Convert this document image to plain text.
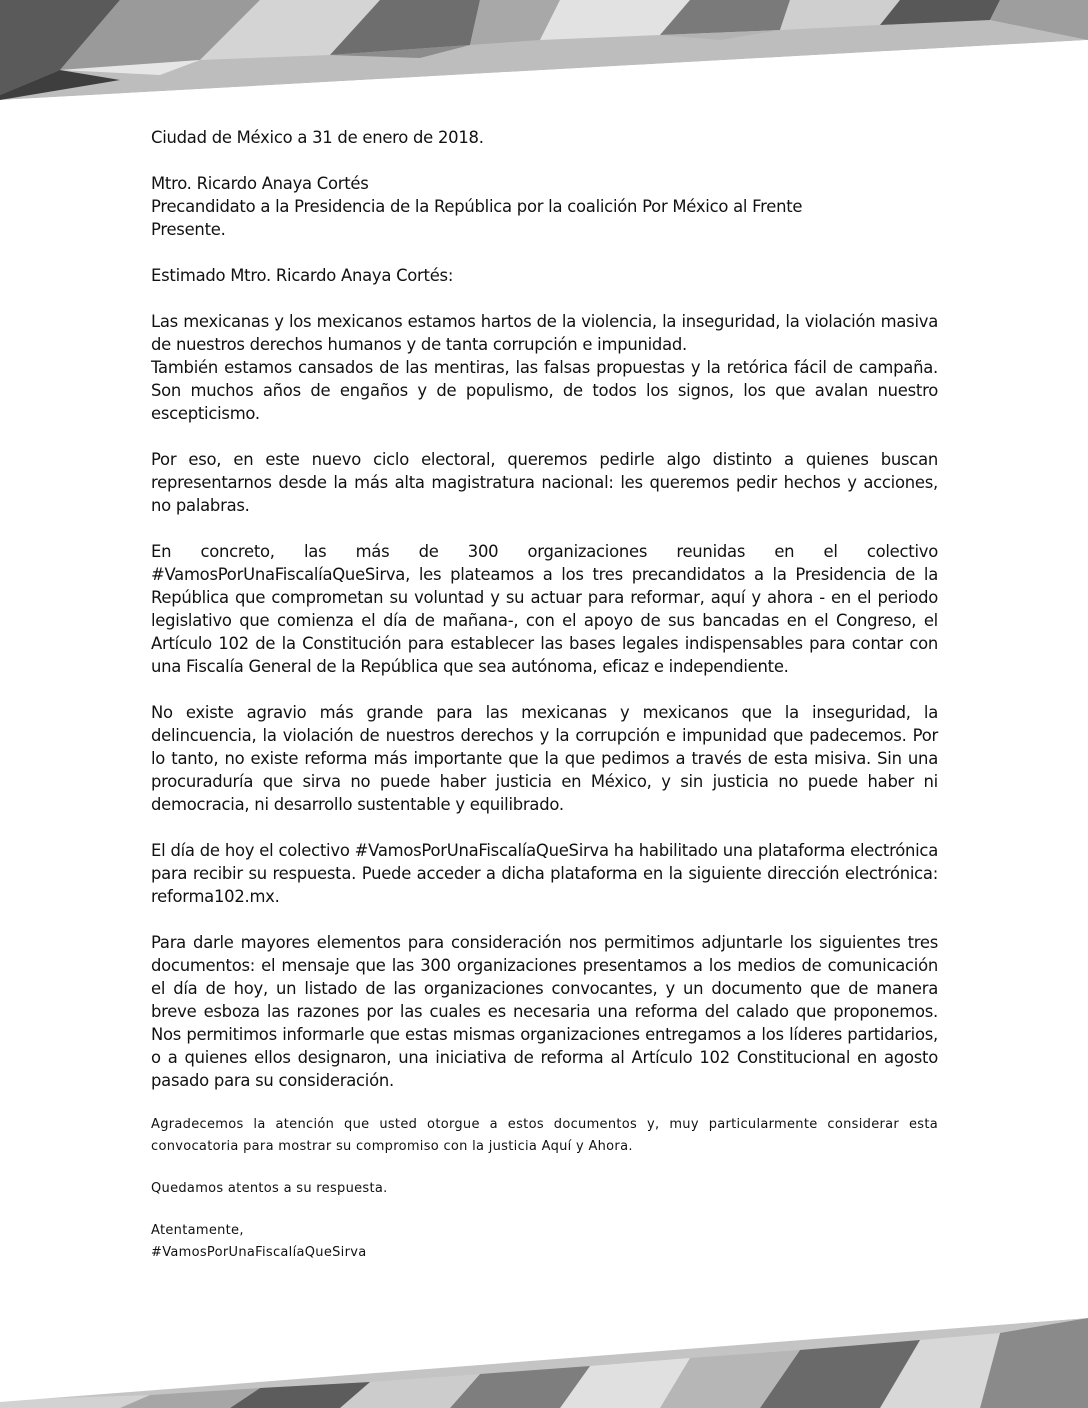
Ciudad de México a 31 de enero de 2018.

Mtro. Ricardo Anaya Cortés

Precandidato a la Presidencia de la República por la coalición Por México al Frente

Presente.

Estimado Mtro. Ricardo Anaya Cortés:

Las mexicanas y los mexicanos estamos hartos de la violencia, la inseguridad, la violación masiva de nuestros derechos humanos y de tanta corrupción e impunidad.

También estamos cansados de las mentiras, las falsas propuestas y la retórica fácil de campaña. Son muchos años de engaños y de populismo, de todos los signos, los que avalan nuestro escepticismo.

Por eso, en este nuevo ciclo electoral, queremos pedirle algo distinto a quienes buscan representarnos desde la más alta magistratura nacional: les queremos pedir hechos y acciones, no palabras.

En concreto, las más de 300 organizaciones reunidas en el colectivo #VamosPorUnaFiscalíaQueSirva, les plateamos a los tres precandidatos a la Presidencia de la República que comprometan su voluntad y su actuar para reformar, aquí y ahora - en el periodo legislativo que comienza el día de mañana-, con el apoyo de sus bancadas en el Congreso, el Artículo 102 de la Constitución para establecer las bases legales indispensables para contar con una Fiscalía General de la República que sea autónoma, eficaz e independiente.

No existe agravio más grande para las mexicanas y mexicanos que la inseguridad, la delincuencia, la violación de nuestros derechos y la corrupción e impunidad que padecemos. Por lo tanto, no existe reforma más importante que la que pedimos a través de esta misiva. Sin una procuraduría que sirva no puede haber justicia en México, y sin justicia no puede haber ni democracia, ni desarrollo sustentable y equilibrado.

El día de hoy el colectivo #VamosPorUnaFiscalíaQueSirva ha habilitado una plataforma electrónica para recibir su respuesta. Puede acceder a dicha plataforma en la siguiente dirección electrónica: reforma102.mx.

Para darle mayores elementos para consideración nos permitimos adjuntarle los siguientes tres documentos: el mensaje que las 300 organizaciones presentamos a los medios de comunicación el día de hoy, un listado de las organizaciones convocantes, y un documento que de manera breve esboza las razones por las cuales es necesaria una reforma del calado que proponemos. Nos permitimos informarle que estas mismas organizaciones entregamos a los líderes partidarios, o a quienes ellos designaron, una iniciativa de reforma al Artículo 102 Constitucional en agosto pasado para su consideración.

Agradecemos la atención que usted otorgue a estos documentos y, muy particularmente considerar esta convocatoria para mostrar su compromiso con la justicia Aquí y Ahora.

Quedamos atentos a su respuesta.

Atentamente,

#VamosPorUnaFiscalíaQueSirva
